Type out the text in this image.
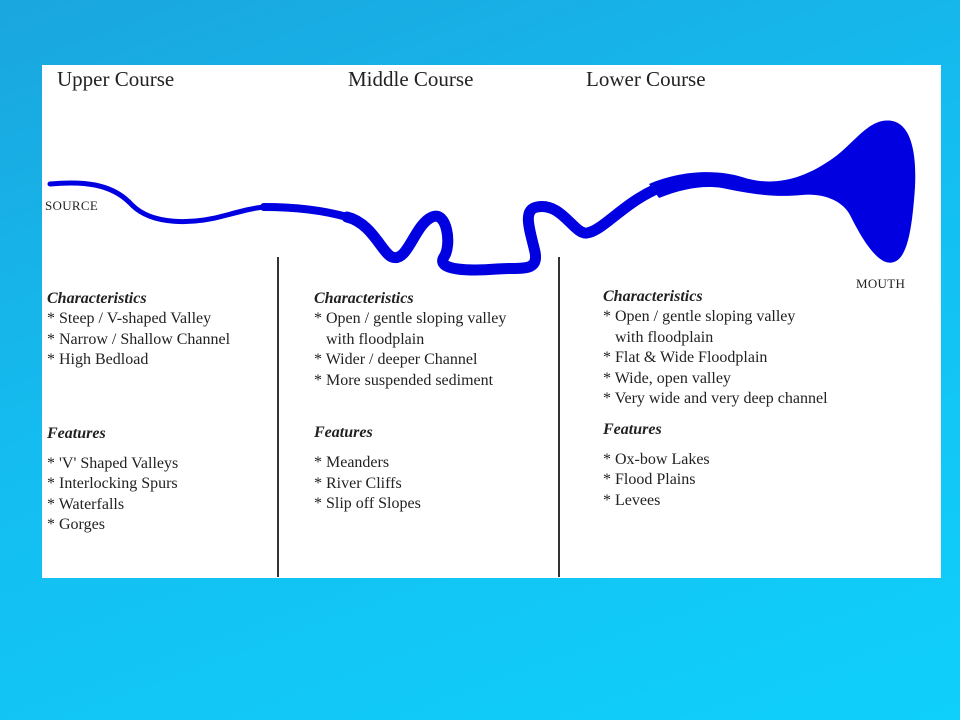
Upper Course	Middle Course	Lower Course
SOURCE
MOUTH
Characteristics
* Steep / V-shaped Valley
* Narrow / Shallow Channel
* High Bedload
Features
* 'V' Shaped Valleys
* Interlocking Spurs
* Waterfalls
* Gorges
Characteristics
* Open / gentle sloping valley
with floodplain
* Wider / deeper Channel
* More suspended sediment
Features
* Meanders
* River Cliffs
* Slip off Slopes
Characteristics
* Open / gentle sloping valley
with floodplain
* Flat & Wide Floodplain
* Wide, open valley
* Very wide and very deep channel
Features
* Ox-bow Lakes
* Flood Plains
* Levees
